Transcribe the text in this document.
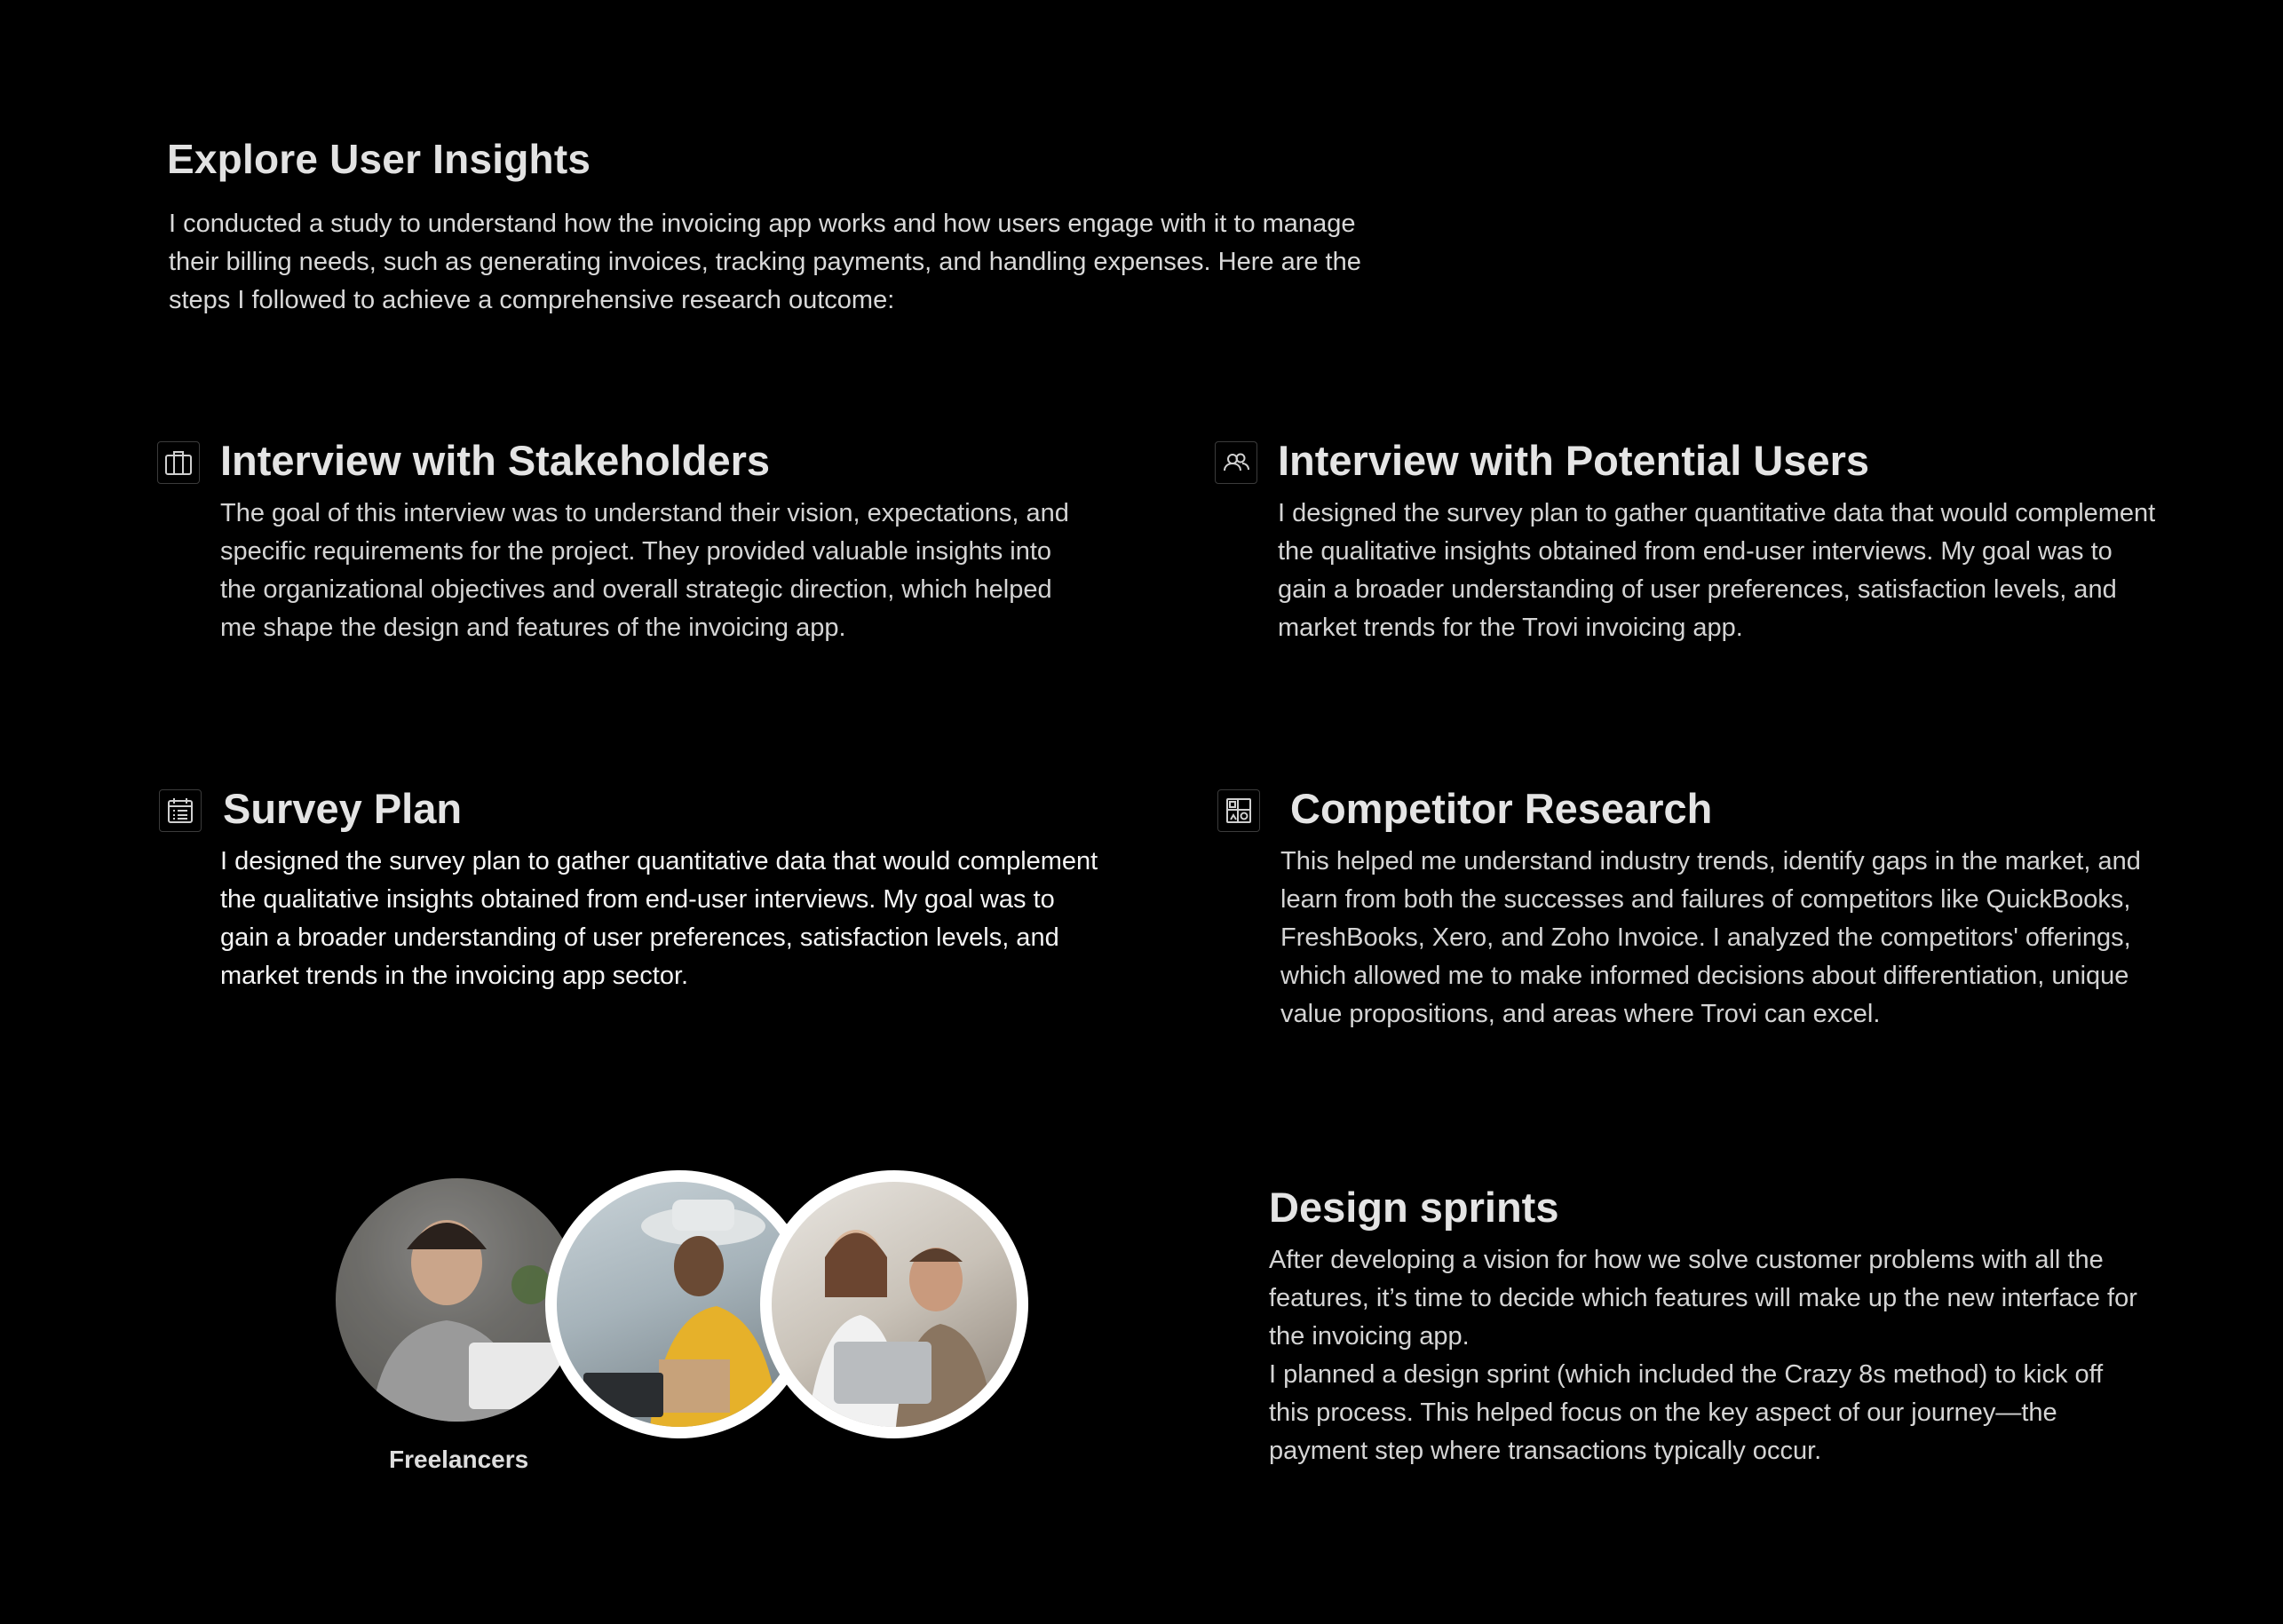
Explore User Insights
I conducted a study to understand how the invoicing app works and how users engage with it to manage their billing needs, such as generating invoices, tracking payments, and handling expenses. Here are the steps I followed to achieve a comprehensive research outcome:
Interview with Stakeholders
The goal of this interview was to understand their vision, expectations, and specific requirements for the project. They provided valuable insights into the organizational objectives and overall strategic direction, which helped me shape the design and features of the invoicing app.
Interview with Potential Users
I designed the survey plan to gather quantitative data that would complement the qualitative insights obtained from end-user interviews. My goal was to gain a broader understanding of user preferences, satisfaction levels, and market trends for the Trovi invoicing app.
Survey Plan
I designed the survey plan to gather quantitative data that would complement the qualitative insights obtained from end-user interviews. My goal was to gain a broader understanding of user preferences, satisfaction levels, and market trends in the invoicing app sector.
Competitor Research
This helped me understand industry trends, identify gaps in the market, and learn from both the successes and failures of competitors like QuickBooks, FreshBooks, Xero, and Zoho Invoice. I analyzed the competitors' offerings, which allowed me to make informed decisions about differentiation, unique value propositions, and areas where Trovi can excel.
Freelancers
Design sprints
After developing a vision for how we solve customer problems with all the features, it’s time to decide which features will make up the new interface for the invoicing app.
I planned a design sprint (which included the Crazy 8s method) to kick off this process. This helped focus on the key aspect of our journey—the payment step where transactions typically occur.
